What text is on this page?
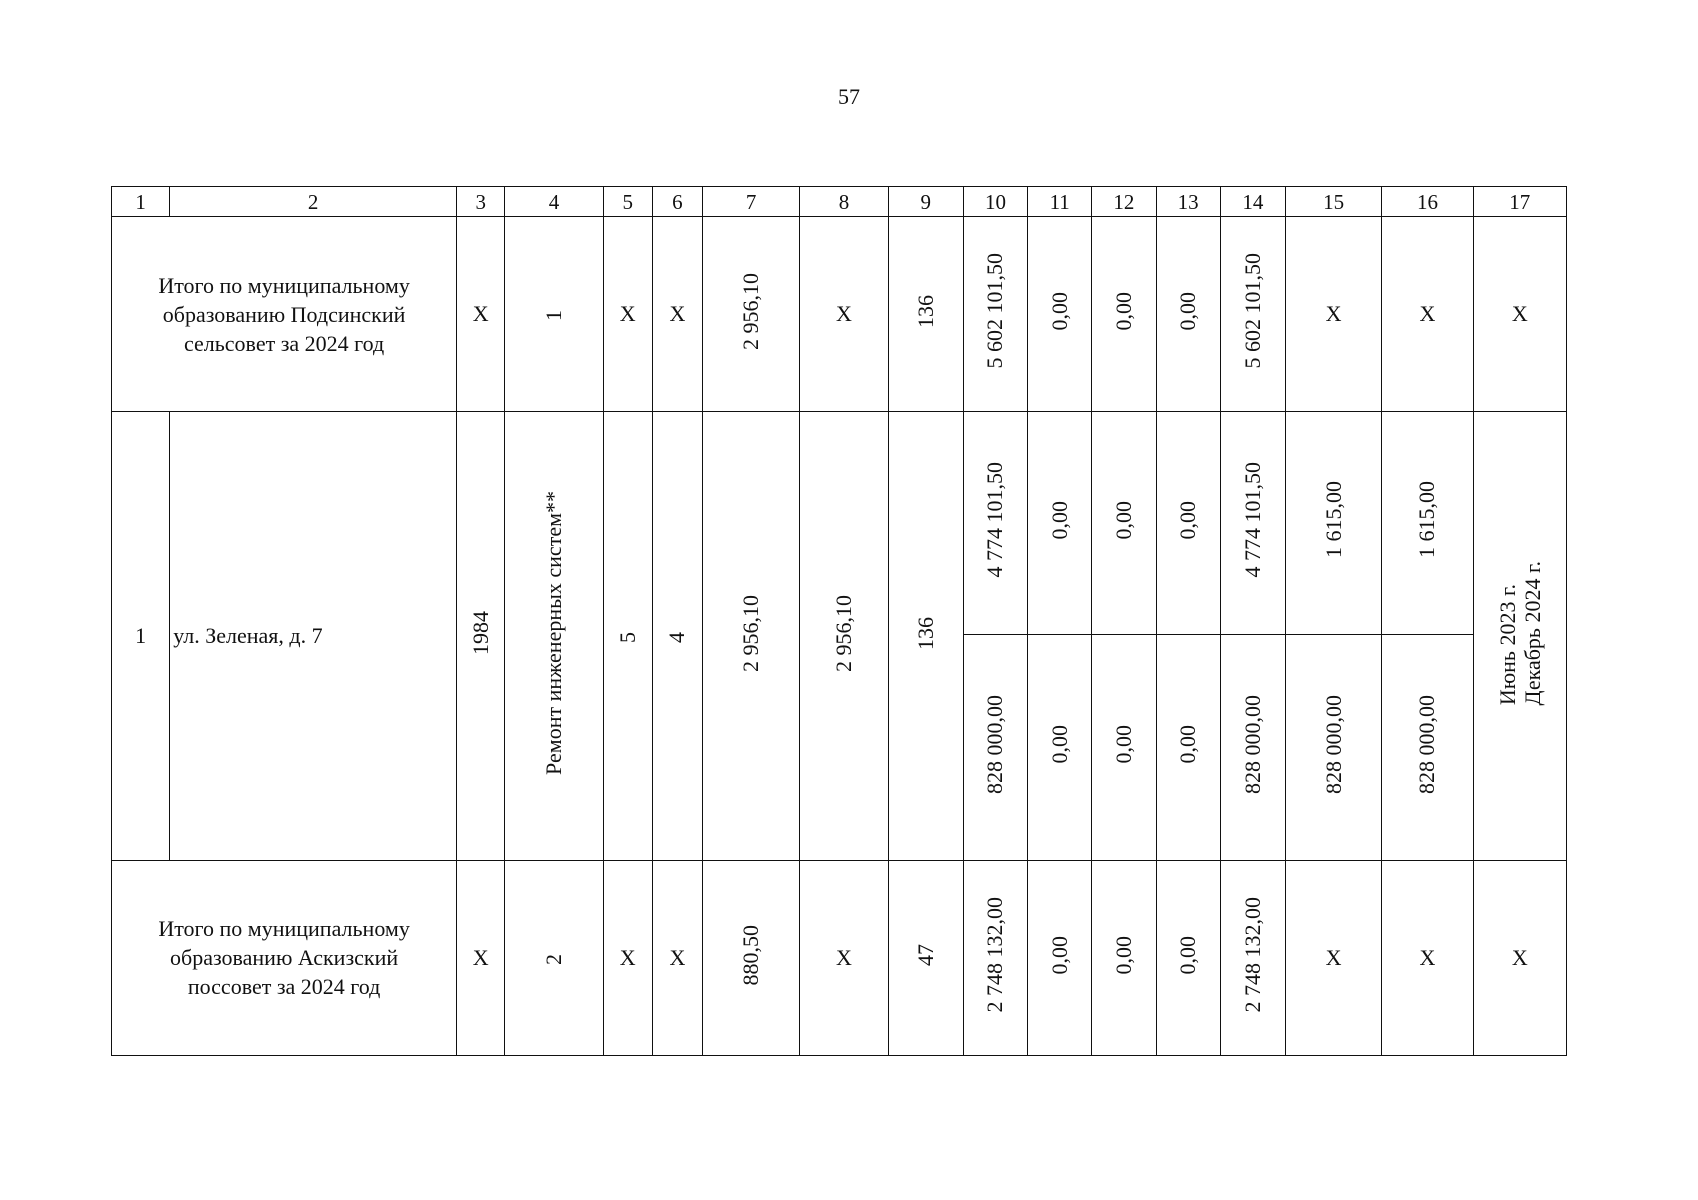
57
1	2	3	4	5	6	7	8	9	10	11	12	13	14	15	16	17
Итого по муниципальному образованию Подсинский сельсовет за 2024 год		X	1	X	X	2 956,10	X	136	5 602 101,50	0,00	0,00	0,00	5 602 101,50	X	X	X
1	ул. Зеленая, д. 7	1984	Ремонт инженерных систем**	5	4	2 956,10	2 956,10	136	4 774 101,50	0,00	0,00	0,00	4 774 101,50	1 615,00	1 615,00	Июнь 2023 г.Декабрь 2024 г.
									828 000,00	0,00	0,00	0,00	828 000,00	828 000,00	828 000,00	
Итого по муниципальному образованию Аскизский поссовет за 2024 год		X	2	X	X	880,50	X	47	2 748 132,00	0,00	0,00	0,00	2 748 132,00	X	X	X
